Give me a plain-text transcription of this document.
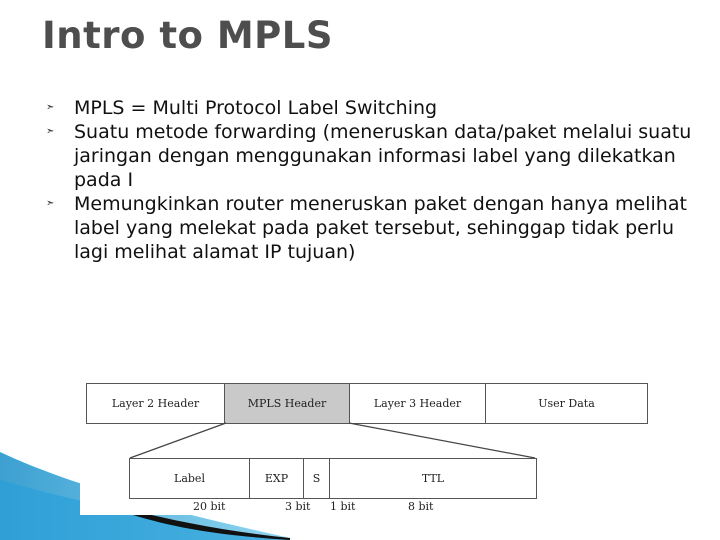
Intro to MPLS
➣ MPLS = Multi Protocol Label Switching
➣ Suatu metode forwarding (meneruskan data/paket melalui suatu jaringan dengan menggunakan informasi label yang dilekatkan pada I
➣ Memungkinkan router meneruskan paket dengan hanya melihat label yang melekat pada paket tersebut, sehinggap tidak perlu lagi melihat alamat IP tujuan)
Layer 2 Header	MPLS Header	Layer 3 Header	User Data
Label	EXP	S	TTL
20 bit	3 bit 1 bit	8 bit
